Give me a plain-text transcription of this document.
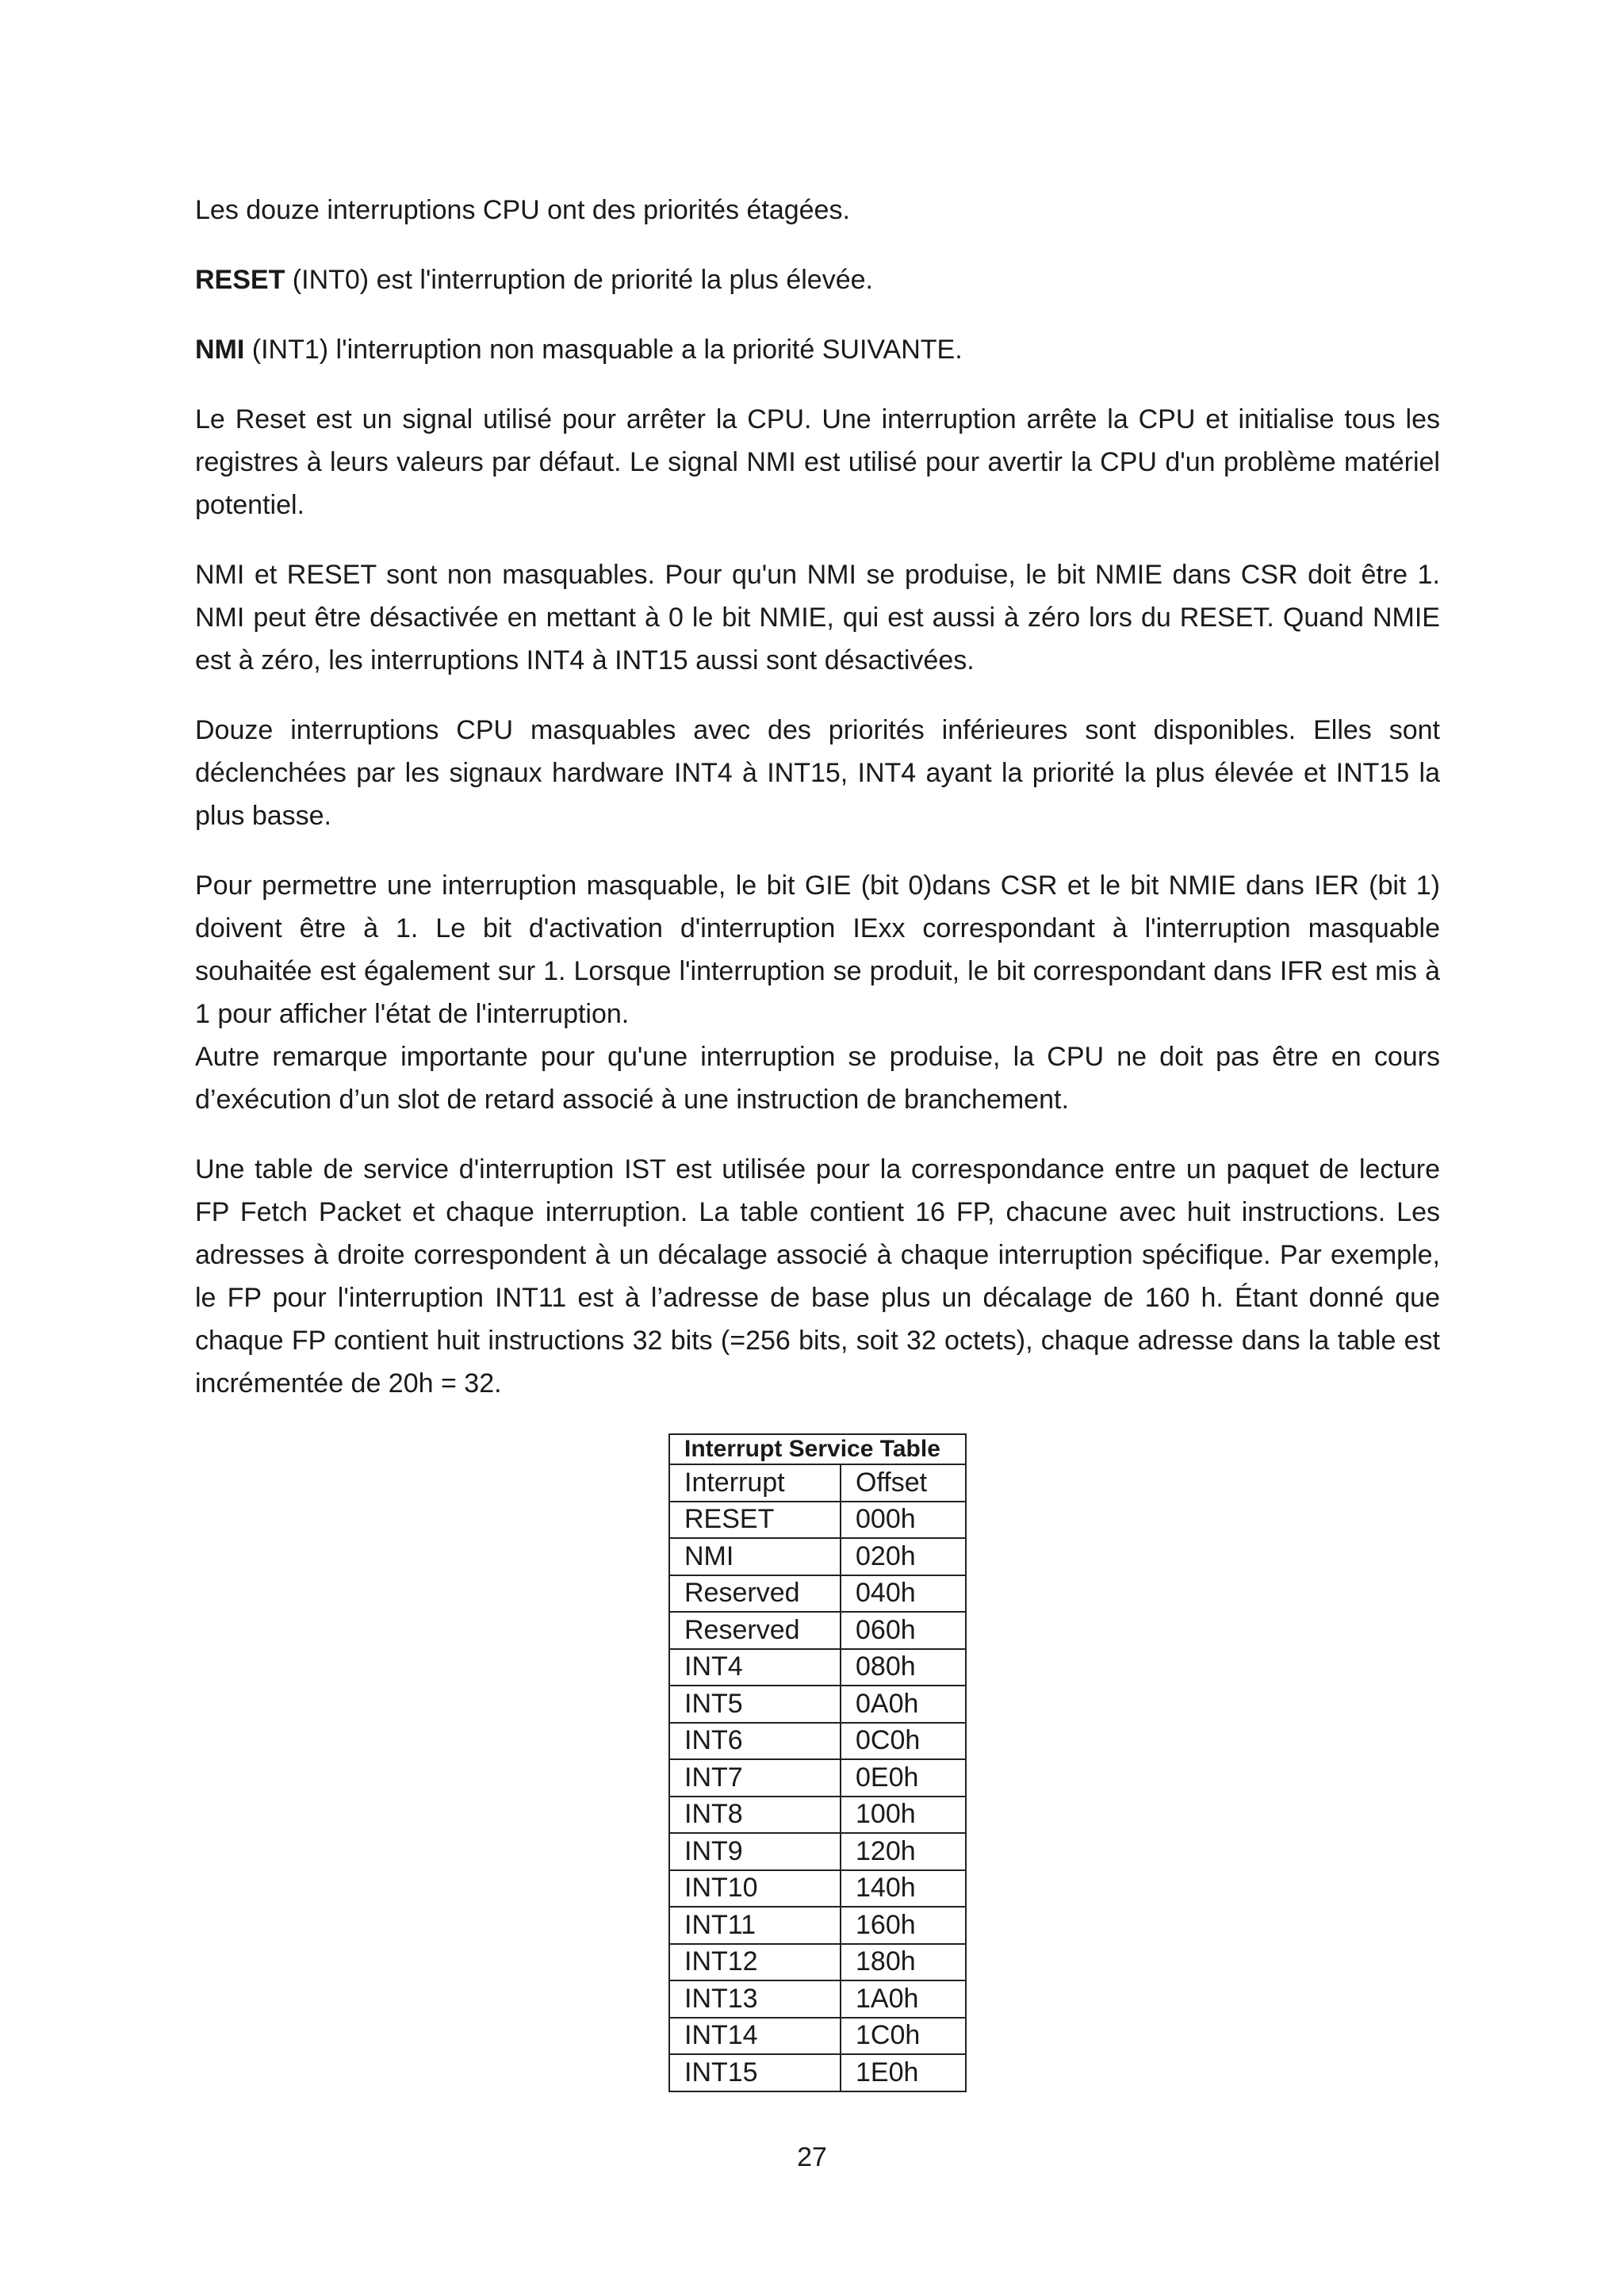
Les douze interruptions CPU ont des priorités étagées.

RESET (INT0) est l'interruption de priorité la plus élevée.

NMI (INT1) l'interruption non masquable a la priorité SUIVANTE.

Le Reset est un signal utilisé pour arrêter la CPU. Une interruption arrête la CPU et initialise tous les registres à leurs valeurs par défaut. Le signal NMI est utilisé pour avertir la CPU d'un problème matériel potentiel.

NMI et RESET sont non masquables. Pour qu'un NMI se produise, le bit NMIE dans CSR doit être 1. NMI peut être désactivée en mettant à 0 le bit NMIE, qui est aussi à zéro lors du RESET. Quand NMIE est à zéro, les interruptions INT4 à INT15 aussi sont désactivées.

Douze interruptions CPU masquables avec des priorités inférieures sont disponibles. Elles sont déclenchées par les signaux hardware INT4 à INT15, INT4 ayant la priorité la plus élevée et INT15 la plus basse.

Pour permettre une interruption masquable, le bit GIE (bit 0)dans CSR et le bit NMIE dans IER (bit 1) doivent être à 1. Le bit d'activation d'interruption IExx correspondant à l'interruption masquable souhaitée est également sur 1. Lorsque l'interruption se produit, le bit correspondant dans IFR est mis à 1 pour afficher l'état de l'interruption.

Autre remarque importante pour qu'une interruption se produise, la CPU ne doit pas être en cours d’exécution d’un slot de retard associé à une instruction de branchement.

Une table de service d'interruption IST est utilisée pour la correspondance entre un paquet de lecture FP Fetch Packet et chaque interruption. La table contient 16 FP, chacune avec huit instructions. Les adresses à droite correspondent à un décalage associé à chaque interruption spécifique. Par exemple, le FP pour l'interruption INT11 est à l’adresse de base plus un décalage de 160 h. Étant donné que chaque FP contient huit instructions 32 bits (=256 bits, soit 32 octets), chaque adresse dans la table est incrémentée de 20h = 32.

Interrupt Service Table	
Interrupt	Offset
RESET	000h
NMI	020h
Reserved	040h
Reserved	060h
INT4	080h
INT5	0A0h
INT6	0C0h
INT7	0E0h
INT8	100h
INT9	120h
INT10	140h
INT11	160h
INT12	180h
INT13	1A0h
INT14	1C0h
INT15	1E0h
27
